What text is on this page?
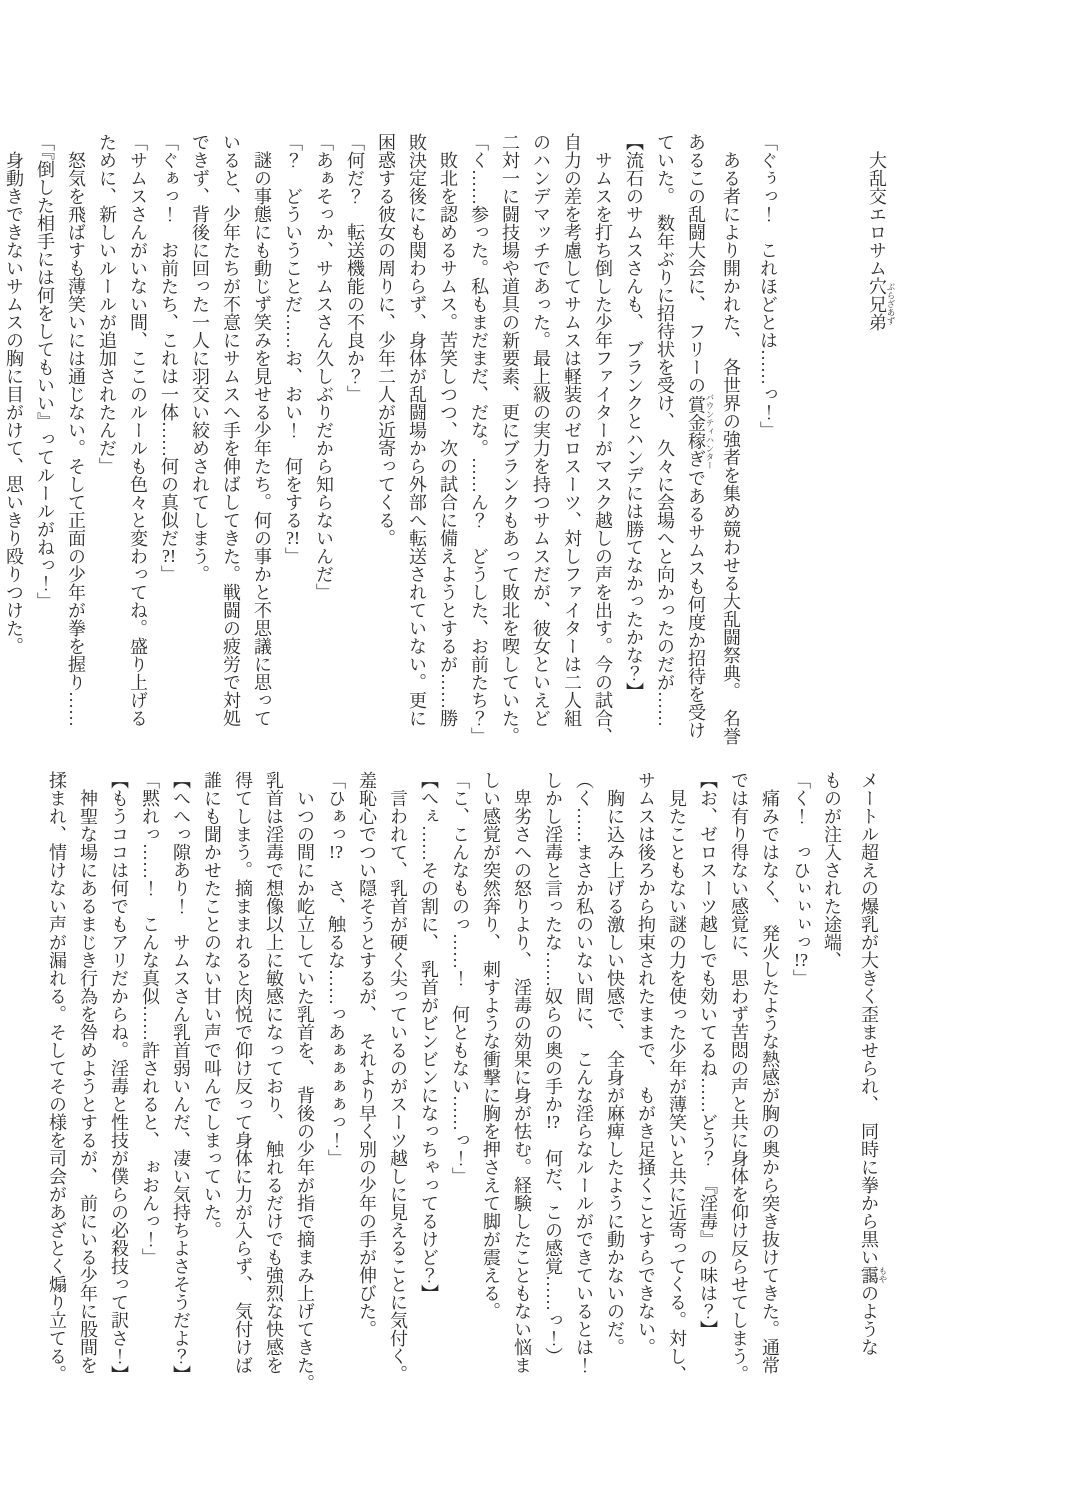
　大乱交エロサム穴兄弟 ぶらざあず

「ぐぅっ！　これほどとは……っ！」
　ある者により開かれた、　各世界の強者を集め競わせる大乱闘祭典。　名誉
あるこの乱闘大会に、　フリーの賞金稼ぎ バウンティハンターであるサムスも何度か招待を受け
ていた。　数年ぶりに招待状を受け、　久々に会場へと向かったのだが……
【流石のサムスさんも、　ブランクとハンデには勝てなかったかな？】
　サムスを打ち倒した少年ファイターがマスク越しの声を出す。今の試合、
自力の差を考慮してサムスは軽装のゼロスーツ、対しファイターは二人組
のハンデマッチであった。最上級の実力を持つサムスだが、彼女といえど
二対一に闘技場や道具の新要素、更にブランクもあって敗北を喫していた。
「く……参った。私もまだまだ、だな。……ん？　どうした、お前たち？」
　敗北を認めるサムス。苦笑しつつ、次の試合に備えようとするが……勝
敗決定後にも関わらず、身体が乱闘場から外部へ転送されていない。更に
困惑する彼女の周りに、少年二人が近寄ってくる。
「何だ？　転送機能の不良か？」
「あぁそっか、サムスさん久しぶりだから知らないんだ」
「？　どういうことだ……お、おい！　何をする?!」
　謎の事態にも動じず笑みを見せる少年たち。何の事かと不思議に思って
いると、少年たちが不意にサムスへ手を伸ばしてきた。戦闘の疲労で対処
できず、背後に回った一人に羽交い絞めされてしまう。
「ぐぁっ！　お前たち、これは一体……何の真似だ?!」
「サムスさんがいない間、ここのルールも色々と変わってね。盛り上げる
ために、新しいルールが追加されたんだ」
　怒気を飛ばすも薄笑いには通じない。そして正面の少年が拳を握り……
「『倒した相手には何をしてもいい』ってルールがねっ！」
　身動きできないサムスの胸に目がけて、思いきり殴りつけた。

メートル超えの爆乳が大きく歪ませられ、　同時に拳から黒い靄 もやのような
ものが注入された途端、
「く！　っひぃぃぃっ!?」
　痛みではなく、　発火したような熱感が胸の奥から突き抜けてきた。通常
では有り得ない感覚に、思わず苦悶の声と共に身体を仰け反らせてしまう。
【お、ゼロスーツ越しでも効いてるね……どう？　『淫毒』の味は？】
　見たこともない謎の力を使った少年が薄笑いと共に近寄ってくる。対し、
サムスは後ろから拘束されたままで、　もがき足掻くことすらできない。
　胸に込み上げる激しい快感で、　全身が麻痺したように動かないのだ。
（く……まさか私のいない間に、　こんな淫らなルールができているとは！
しかし淫毒と言ったな……奴らの奥の手か!?　何だ、この感覚……っ！）
　卑劣さへの怒りより、　淫毒の効果に身が怯む。経験したこともない悩ま
しい感覚が突然奔り、　刺すような衝撃に胸を押さえて脚が震える。
「こ、こんなものっ……！　何ともない……っ！」
【へぇ……その割に、　乳首がビンビンになっちゃってるけど？】
　言われて、乳首が硬く尖っているのがスーツ越しに見えることに気付く。
羞恥心でつい隠そうとするが、　それより早く別の少年の手が伸びた。
「ひぁっ!?　さ、触るな……っあぁぁぁぁっ！」
　いつの間にか屹立していた乳首を、　背後の少年が指で摘まみ上げてきた。
乳首は淫毒で想像以上に敏感になっており、　触れるだけでも強烈な快感を
得てしまう。摘ままれると肉悦で仰け反って身体に力が入らず、　気付けば
誰にも聞かせたことのない甘い声で叫んでしまっていた。
【へへっ隙あり！　サムスさん乳首弱いんだ、凄い気持ちよさそうだよ？】
「黙れっ……！　こんな真似……許されると、　ぉおんっ！」
【もうココは何でもアリだからね。淫毒と性技が僕らの必殺技って訳さ！】
　神聖な場にあるまじき行為を咎めようとするが、　前にいる少年に股間を
揉まれ、情けない声が漏れる。そしてその様を司会があざとく煽り立てる。
